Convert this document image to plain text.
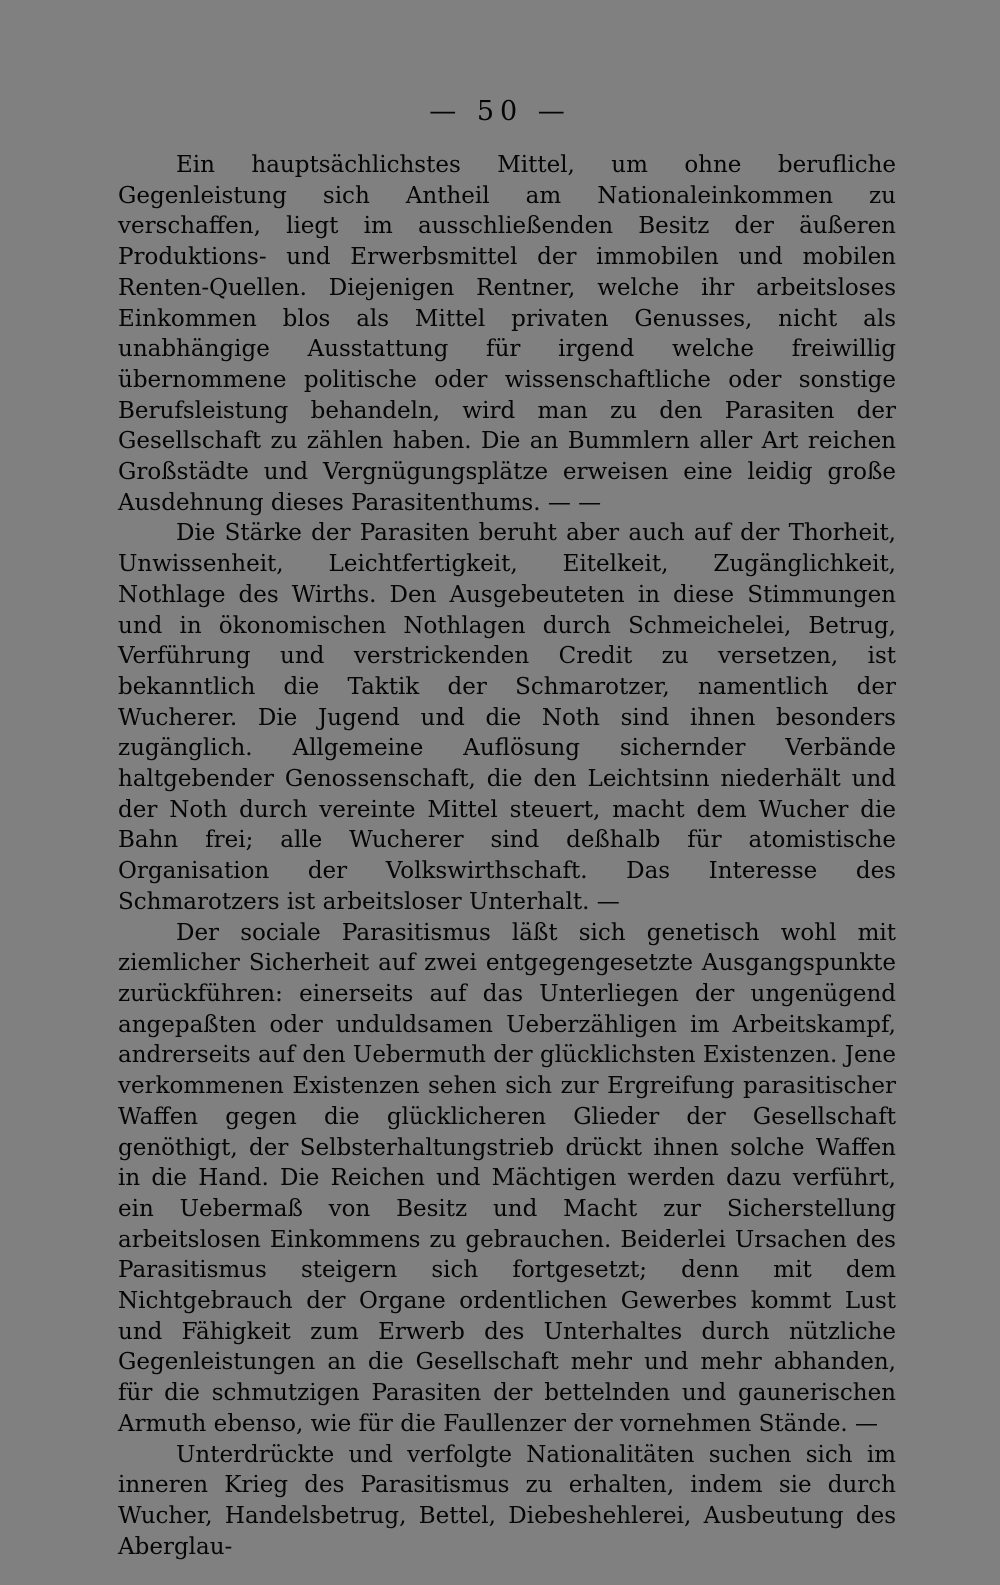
— 50 —

Ein hauptsächlichstes Mittel, um ohne berufliche Gegenleistung sich Antheil am Nationaleinkommen zu verschaffen, liegt im ausschließenden Besitz der äußeren Produktions- und Erwerbsmittel der immobilen und mobilen Renten-Quellen. Diejenigen Rentner, welche ihr arbeitsloses Einkommen blos als Mittel privaten Genusses, nicht als unabhängige Ausstattung für irgend welche freiwillig übernommene politische oder wissenschaftliche oder sonstige Berufsleistung behandeln, wird man zu den Parasiten der Gesellschaft zu zählen haben. Die an Bummlern aller Art reichen Großstädte und Vergnügungsplätze erweisen eine leidig große Ausdehnung dieses Parasitenthums. — —

Die Stärke der Parasiten beruht aber auch auf der Thorheit, Unwissenheit, Leichtfertigkeit, Eitelkeit, Zugänglichkeit, Nothlage des Wirths. Den Ausgebeuteten in diese Stimmungen und in ökonomischen Nothlagen durch Schmeichelei, Betrug, Verführung und verstrickenden Credit zu versetzen, ist bekanntlich die Taktik der Schmarotzer, namentlich der Wucherer. Die Jugend und die Noth sind ihnen besonders zugänglich. Allgemeine Auflösung sichernder Verbände haltgebender Genossenschaft, die den Leichtsinn niederhält und der Noth durch vereinte Mittel steuert, macht dem Wucher die Bahn frei; alle Wucherer sind deßhalb für atomistische Organisation der Volkswirthschaft. Das Interesse des Schmarotzers ist arbeitsloser Unterhalt. —

Der sociale Parasitismus läßt sich genetisch wohl mit ziemlicher Sicherheit auf zwei entgegengesetzte Ausgangspunkte zurückführen: einerseits auf das Unterliegen der ungenügend angepaßten oder unduldsamen Ueberzähligen im Arbeitskampf, andrerseits auf den Uebermuth der glücklichsten Existenzen. Jene verkommenen Existenzen sehen sich zur Ergreifung parasitischer Waffen gegen die glücklicheren Glieder der Gesellschaft genöthigt, der Selbsterhaltungstrieb drückt ihnen solche Waffen in die Hand. Die Reichen und Mächtigen werden dazu verführt, ein Uebermaß von Besitz und Macht zur Sicherstellung arbeitslosen Einkommens zu gebrauchen. Beiderlei Ursachen des Parasitismus steigern sich fortgesetzt; denn mit dem Nichtgebrauch der Organe ordentlichen Gewerbes kommt Lust und Fähigkeit zum Erwerb des Unterhaltes durch nützliche Gegenleistungen an die Gesellschaft mehr und mehr abhanden, für die schmutzigen Parasiten der bettelnden und gaunerischen Armuth ebenso, wie für die Faullenzer der vornehmen Stände. —

Unterdrückte und verfolgte Nationalitäten suchen sich im inneren Krieg des Parasitismus zu erhalten, indem sie durch Wucher, Handelsbetrug, Bettel, Diebeshehlerei, Ausbeutung des Aberglau-
